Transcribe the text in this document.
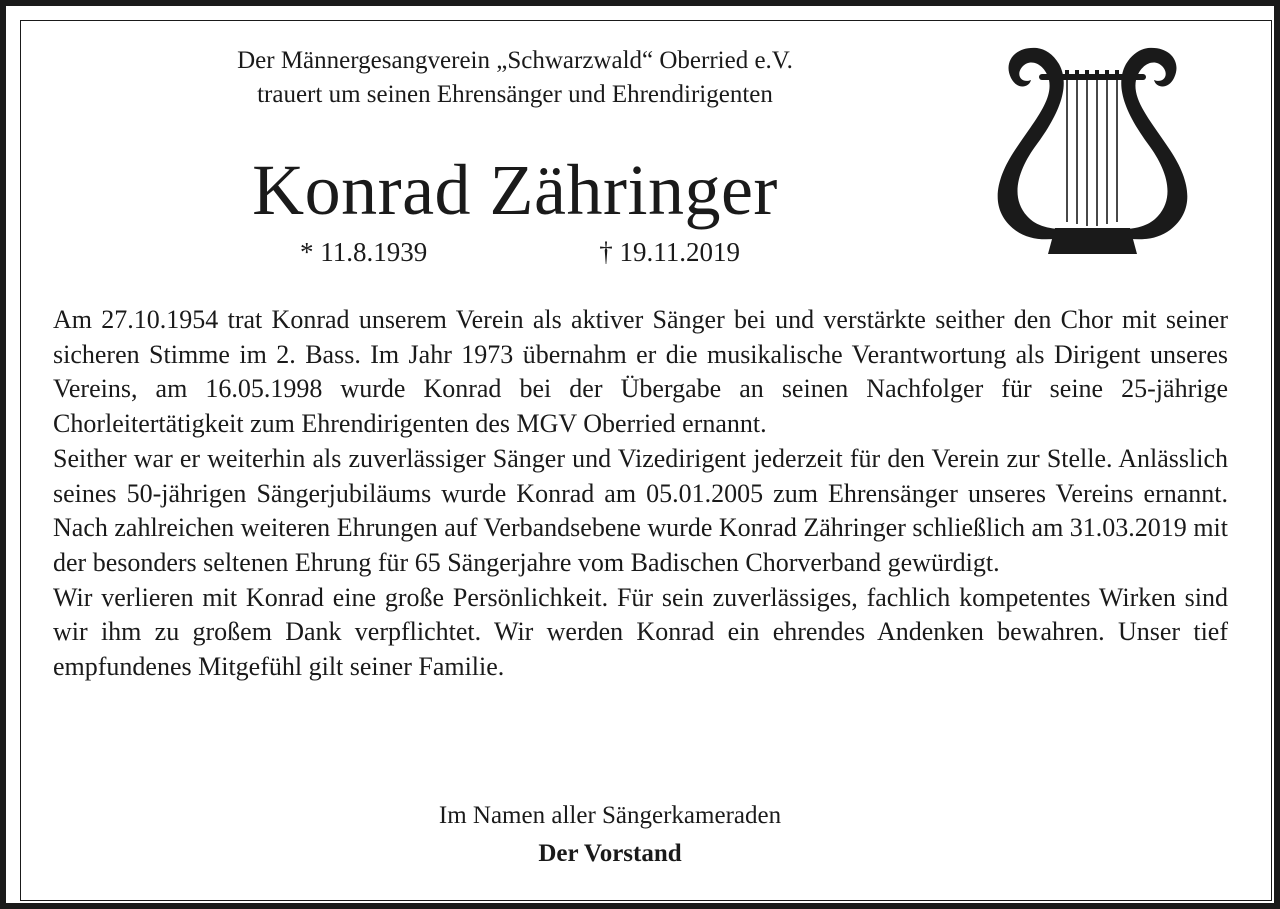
Der Männergesangverein „Schwarzwald“ Oberried e.V.
trauert um seinen Ehrensänger und Ehrendirigenten
Konrad Zähringer
* 11.8.1939	† 19.11.2019

Am 27.10.1954 trat Konrad unserem Verein als aktiver Sänger bei und verstärkte seither den Chor mit seiner sicheren Stimme im 2. Bass. Im Jahr 1973 übernahm er die musikalische Verantwortung als Dirigent unseres Vereins, am 16.05.1998 wurde Konrad bei der Übergabe an seinen Nachfolger für seine 25-jährige Chorleitertätigkeit zum Ehrendirigenten des MGV Oberried ernannt.

Seither war er weiterhin als zuverlässiger Sänger und Vizedirigent jederzeit für den Verein zur Stelle. Anlässlich seines 50-jährigen Sängerjubiläums wurde Konrad am 05.01.2005 zum Ehrensänger unseres Vereins ernannt. Nach zahlreichen weiteren Ehrungen auf Verbandsebene wurde Konrad Zähringer schließlich am 31.03.2019 mit der besonders seltenen Ehrung für 65 Sängerjahre vom Badischen Chorverband gewürdigt.

Wir verlieren mit Konrad eine große Persönlichkeit. Für sein zuverlässiges, fachlich kompetentes Wirken sind wir ihm zu großem Dank verpflichtet. Wir werden Konrad ein ehrendes Andenken bewahren. Unser tief empfundenes Mitgefühl gilt seiner Familie.

Im Namen aller Sängerkameraden
Der Vorstand
